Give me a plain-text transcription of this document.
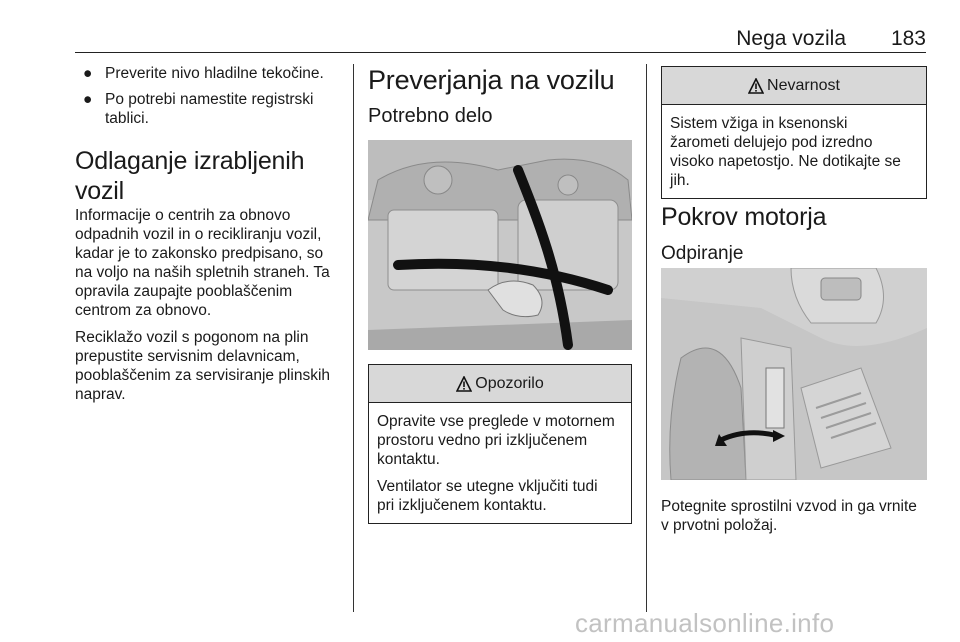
Nega vozila 183
● Preverite nivo hladilne tekočine.
● Po potrebi namestite registrski tablici.
Odlaganje izrabljenih vozil

Informacije o centrih za obnovo
odpadnih vozil in o recikliranju vozil,
kadar je to zakonsko predpisano, so
na voljo na naših spletnih straneh. Ta
opravila zaupajte pooblaščenim
centrom za obnovo.

Reciklažo vozil s pogonom na plin
prepustite servisnim delavnicam,
pooblaščenim za servisiranje plinskih
naprav.

Preverjanja na vozilu
Potrebno delo
Opozorilo

Opravite vse preglede v motornem
prostoru vedno pri izključenem
kontaktu.

Ventilator se utegne vključiti tudi
pri izključenem kontaktu.

Nevarnost

Sistem vžiga in ksenonski
žarometi delujejo pod izredno
visoko napetostjo. Ne dotikajte se
jih.

Pokrov motorja
Odpiranje

Potegnite sprostilni vzvod in ga vrnite
v prvotni položaj.

carmanualsonline.info
